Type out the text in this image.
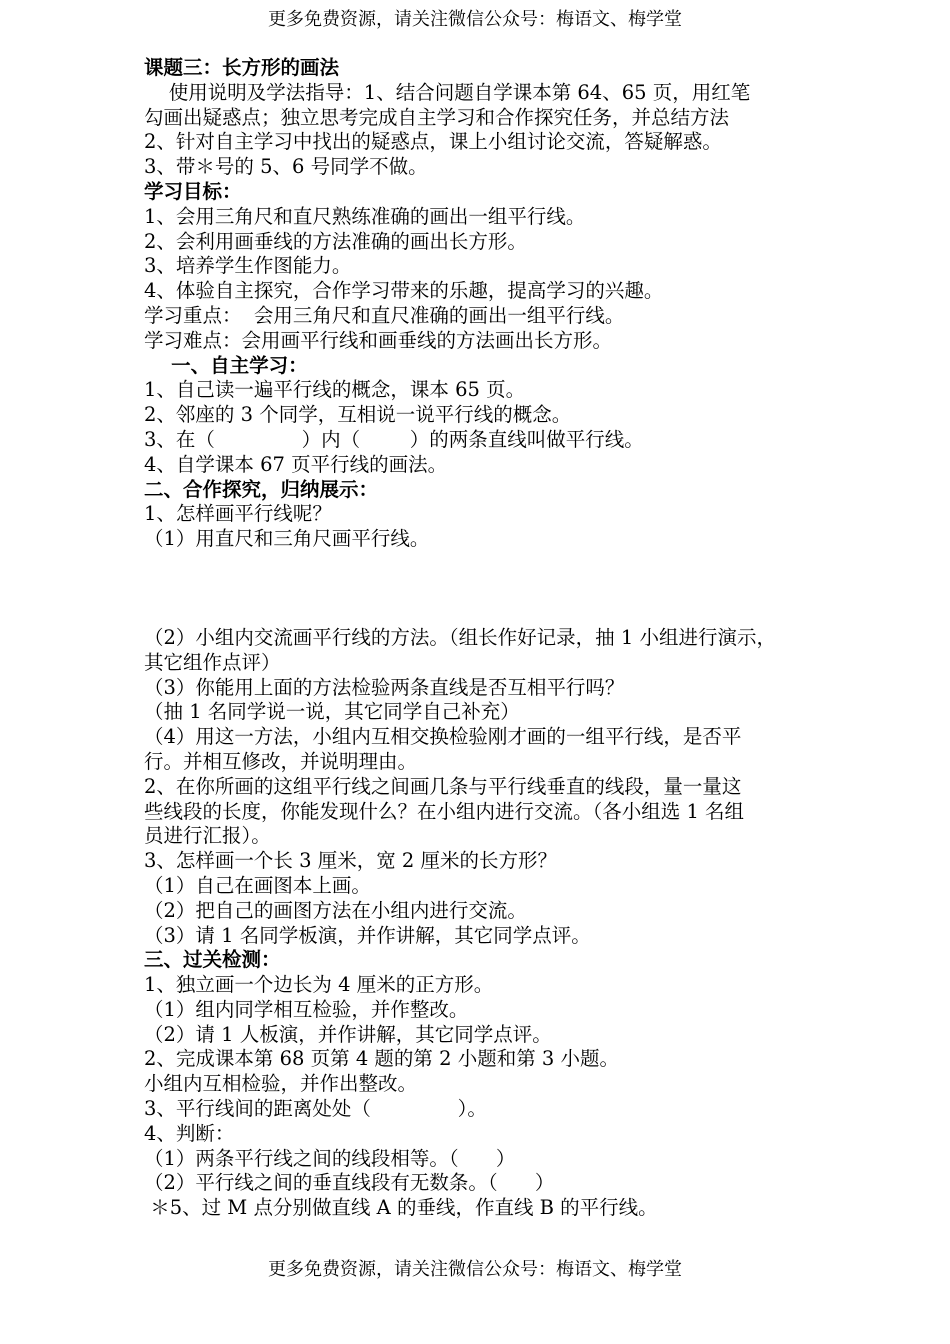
更多免费资源，请关注微信公众号：梅语文、梅学堂
课题三：长方形的画法
使用说明及学法指导：1、结合问题自学课本第 64、65 页，用红笔
勾画出疑惑点；独立思考完成自主学习和合作探究任务，并总结方法
2、针对自主学习中找出的疑惑点，课上小组讨论交流，答疑解惑。
3、带＊号的 5、6 号同学不做。
学习目标：
1、会用三角尺和直尺熟练准确的画出一组平行线。
2、会利用画垂线的方法准确的画出长方形。
3、培养学生作图能力。
4、体验自主探究，合作学习带来的乐趣，提高学习的兴趣。
学习重点：  会用三角尺和直尺准确的画出一组平行线。
学习难点：会用画平行线和画垂线的方法画出长方形。
一、自主学习：
1、自己读一遍平行线的概念，课本 65 页。
2、邻座的 3 个同学，互相说一说平行线的概念。
3、在（              ）内（        ）的两条直线叫做平行线。
4、自学课本 67 页平行线的画法。
二、合作探究，归纳展示：
1、怎样画平行线呢？
（1）用直尺和三角尺画平行线。
（2）小组内交流画平行线的方法。（组长作好记录，抽 1 小组进行演示，
其它组作点评）
（3）你能用上面的方法检验两条直线是否互相平行吗？
（抽 1 名同学说一说，其它同学自己补充）
（4）用这一方法，小组内互相交换检验刚才画的一组平行线，是否平
行。并相互修改，并说明理由。
2、在你所画的这组平行线之间画几条与平行线垂直的线段，量一量这
些线段的长度，你能发现什么？在小组内进行交流。（各小组选 1 名组
员进行汇报）。
3、怎样画一个长 3 厘米，宽 2 厘米的长方形？
（1）自己在画图本上画。
（2）把自己的画图方法在小组内进行交流。
（3）请 1 名同学板演，并作讲解，其它同学点评。
三、过关检测：
1、独立画一个边长为 4 厘米的正方形。
（1）组内同学相互检验，并作整改。
（2）请 1 人板演，并作讲解，其它同学点评。
2、完成课本第 68 页第 4 题的第 2 小题和第 3 小题。
小组内互相检验，并作出整改。
3、平行线间的距离处处（              ）。
4、判断：
（1）两条平行线之间的线段相等。（      ）
（2）平行线之间的垂直线段有无数条。（      ）
＊5、过 M 点分别做直线 A 的垂线，作直线 B 的平行线。
更多免费资源，请关注微信公众号：梅语文、梅学堂
